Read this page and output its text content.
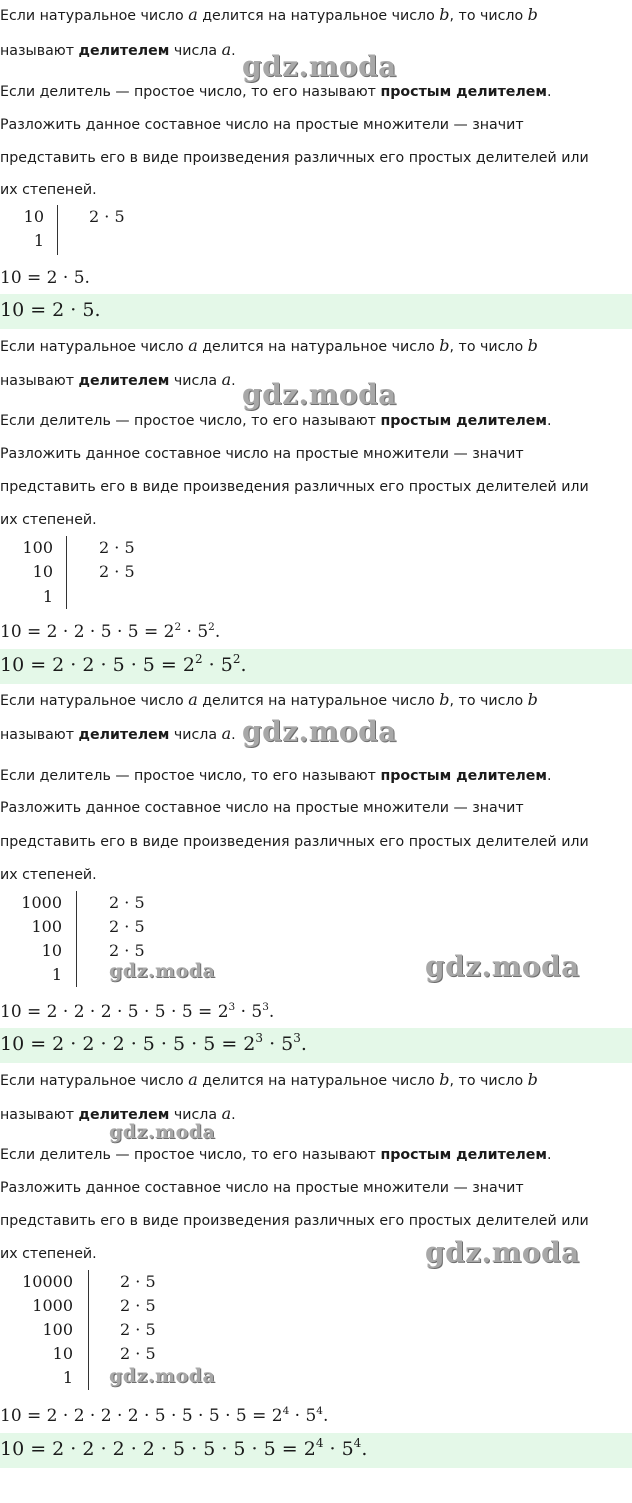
Если натуральное число a делится на натуральное число b, то число b
называют делителем числа a.
Если делитель — простое число, то его называют простым делителем.
Разложить данное составное число на простые множители — значит
представить его в виде произведения различных его простых делителей или
их степеней.
10
1
2 · 5
10 = 2 · 5.
10 = 2 · 5.
Если натуральное число a делится на натуральное число b, то число b
называют делителем числа a.
Если делитель — простое число, то его называют простым делителем.
Разложить данное составное число на простые множители — значит
представить его в виде произведения различных его простых делителей или
их степеней.
100
10
1
2 · 5
2 · 5
$10 = 2 \cdot 2 \cdot 5 \cdot 5 = 2^2 \cdot 5^2$.
$10 = 2 \cdot 2 \cdot 5 \cdot 5 = 2^2 \cdot 5^2$.
Если натуральное число a делится на натуральное число b, то число b
называют делителем числа a.
Если делитель — простое число, то его называют простым делителем.
Разложить данное составное число на простые множители — значит
представить его в виде произведения различных его простых делителей или
их степеней.
1000
100
10
1
2 · 5
2 · 5
2 · 5
$10 = 2 \cdot 2 \cdot 2 \cdot 5 \cdot 5 \cdot 5 = 2^3 \cdot 5^3$.
$10 = 2 \cdot 2 \cdot 2 \cdot 5 \cdot 5 \cdot 5 = 2^3 \cdot 5^3$.
Если натуральное число a делится на натуральное число b, то число b
называют делителем числа a.
Если делитель — простое число, то его называют простым делителем.
Разложить данное составное число на простые множители — значит
представить его в виде произведения различных его простых делителей или
их степеней.
10000
1000
100
10
1
2 · 5
2 · 5
2 · 5
2 · 5
$10 = 2 \cdot 2 \cdot 2 \cdot 2 \cdot 5 \cdot 5 \cdot 5 \cdot 5 = 2^4 \cdot 5^4$.
$10 = 2 \cdot 2 \cdot 2 \cdot 2 \cdot 5 \cdot 5 \cdot 5 \cdot 5 = 2^4 \cdot 5^4$.
gdz.moda
gdz.moda
gdz.moda
gdz.moda	gdz.moda
gdz.moda
gdz.moda
gdz.moda
